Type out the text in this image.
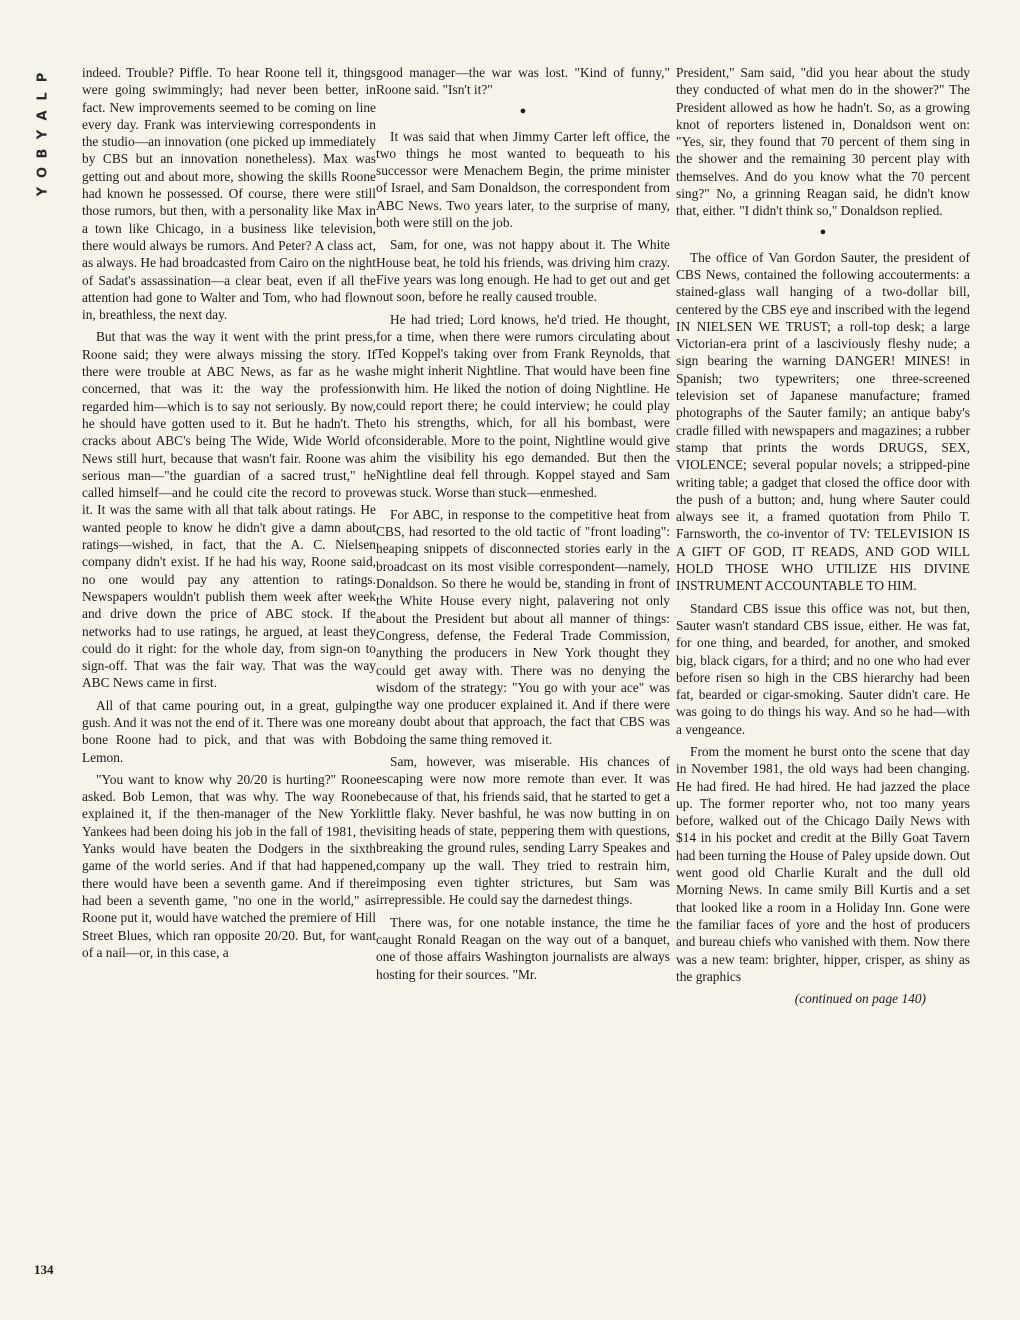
P
L
A
Y
B
O
Y

indeed. Trouble? Piffle. To hear Roone tell it, things were going swimmingly; had never been better, in fact. New improvements seemed to be coming on line every day. Frank was interviewing correspondents in the studio—an innovation (one picked up immediately by CBS but an innovation nonetheless). Max was getting out and about more, showing the skills Roone had known he possessed. Of course, there were still those rumors, but then, with a personality like Max in a town like Chicago, in a business like television, there would always be rumors. And Peter? A class act, as always. He had broadcasted from Cairo on the night of Sadat's assassination—a clear beat, even if all the attention had gone to Walter and Tom, who had flown in, breathless, the next day.

But that was the way it went with the print press, Roone said; they were always missing the story. If there were trouble at ABC News, as far as he was concerned, that was it: the way the profession regarded him—which is to say not seriously. By now, he should have gotten used to it. But he hadn't. The cracks about ABC's being The Wide, Wide World of News still hurt, because that wasn't fair. Roone was a serious man—"the guardian of a sacred trust," he called himself—and he could cite the record to prove it. It was the same with all that talk about ratings. He wanted people to know he didn't give a damn about ratings—wished, in fact, that the A. C. Nielsen company didn't exist. If he had his way, Roone said, no one would pay any attention to ratings. Newspapers wouldn't publish them week after week and drive down the price of ABC stock. If the networks had to use ratings, he argued, at least they could do it right: for the whole day, from sign-on to sign-off. That was the fair way. That was the way ABC News came in first.

All of that came pouring out, in a great, gulping gush. And it was not the end of it. There was one more bone Roone had to pick, and that was with Bob Lemon.

"You want to know why 20/20 is hurting?" Roone asked. Bob Lemon, that was why. The way Roone explained it, if the then-manager of the New York Yankees had been doing his job in the fall of 1981, the Yanks would have beaten the Dodgers in the sixth game of the world series. And if that had happened, there would have been a seventh game. And if there had been a seventh game, "no one in the world," as Roone put it, would have watched the premiere of Hill Street Blues, which ran opposite 20/20. But, for want of a nail—or, in this case, a

good manager—the war was lost. "Kind of funny," Roone said. "Isn't it?"

●

It was said that when Jimmy Carter left office, the two things he most wanted to bequeath to his successor were Menachem Begin, the prime minister of Israel, and Sam Donaldson, the correspondent from ABC News. Two years later, to the surprise of many, both were still on the job.

Sam, for one, was not happy about it. The White House beat, he told his friends, was driving him crazy. Five years was long enough. He had to get out and get out soon, before he really caused trouble.

He had tried; Lord knows, he'd tried. He thought, for a time, when there were rumors circulating about Ted Koppel's taking over from Frank Reynolds, that he might inherit Nightline. That would have been fine with him. He liked the notion of doing Nightline. He could report there; he could interview; he could play to his strengths, which, for all his bombast, were considerable. More to the point, Nightline would give him the visibility his ego demanded. But then the Nightline deal fell through. Koppel stayed and Sam was stuck. Worse than stuck—enmeshed.

For ABC, in response to the competitive heat from CBS, had resorted to the old tactic of "front loading": heaping snippets of disconnected stories early in the broadcast on its most visible correspondent—namely, Donaldson. So there he would be, standing in front of the White House every night, palavering not only about the President but about all manner of things: Congress, defense, the Federal Trade Commission, anything the producers in New York thought they could get away with. There was no denying the wisdom of the strategy: "You go with your ace" was the way one producer explained it. And if there were any doubt about that approach, the fact that CBS was doing the same thing removed it.

Sam, however, was miserable. His chances of escaping were now more remote than ever. It was because of that, his friends said, that he started to get a little flaky. Never bashful, he was now butting in on visiting heads of state, peppering them with questions, breaking the ground rules, sending Larry Speakes and company up the wall. They tried to restrain him, imposing even tighter strictures, but Sam was irrepressible. He could say the darnedest things.

There was, for one notable instance, the time he caught Ronald Reagan on the way out of a banquet, one of those affairs Washington journalists are always hosting for their sources. "Mr.

President," Sam said, "did you hear about the study they conducted of what men do in the shower?" The President allowed as how he hadn't. So, as a growing knot of reporters listened in, Donaldson went on: "Yes, sir, they found that 70 percent of them sing in the shower and the remaining 30 percent play with themselves. And do you know what the 70 percent sing?" No, a grinning Reagan said, he didn't know that, either. "I didn't think so," Donaldson replied.

●

The office of Van Gordon Sauter, the president of CBS News, contained the following accouterments: a stained-glass wall hanging of a two-dollar bill, centered by the CBS eye and inscribed with the legend IN NIELSEN WE TRUST; a roll-top desk; a large Victorian-era print of a lasciviously fleshy nude; a sign bearing the warning DANGER! MINES! in Spanish; two typewriters; one three-screened television set of Japanese manufacture; framed photographs of the Sauter family; an antique baby's cradle filled with newspapers and magazines; a rubber stamp that prints the words DRUGS, SEX, VIOLENCE; several popular novels; a stripped-pine writing table; a gadget that closed the office door with the push of a button; and, hung where Sauter could always see it, a framed quotation from Philo T. Farnsworth, the co-inventor of TV: TELEVISION IS A GIFT OF GOD, IT READS, AND GOD WILL HOLD THOSE WHO UTILIZE HIS DIVINE INSTRUMENT ACCOUNTABLE TO HIM.

Standard CBS issue this office was not, but then, Sauter wasn't standard CBS issue, either. He was fat, for one thing, and bearded, for another, and smoked big, black cigars, for a third; and no one who had ever before risen so high in the CBS hierarchy had been fat, bearded or cigar-smoking. Sauter didn't care. He was going to do things his way. And so he had—with a vengeance.

From the moment he burst onto the scene that day in November 1981, the old ways had been changing. He had fired. He had hired. He had jazzed the place up. The former reporter who, not too many years before, walked out of the Chicago Daily News with $14 in his pocket and credit at the Billy Goat Tavern had been turning the House of Paley upside down. Out went good old Charlie Kuralt and the dull old Morning News. In came smily Bill Kurtis and a set that looked like a room in a Holiday Inn. Gone were the familiar faces of yore and the host of producers and bureau chiefs who vanished with them. Now there was a new team: brighter, hipper, crisper, as shiny as the graphics

(continued on page 140)

134
